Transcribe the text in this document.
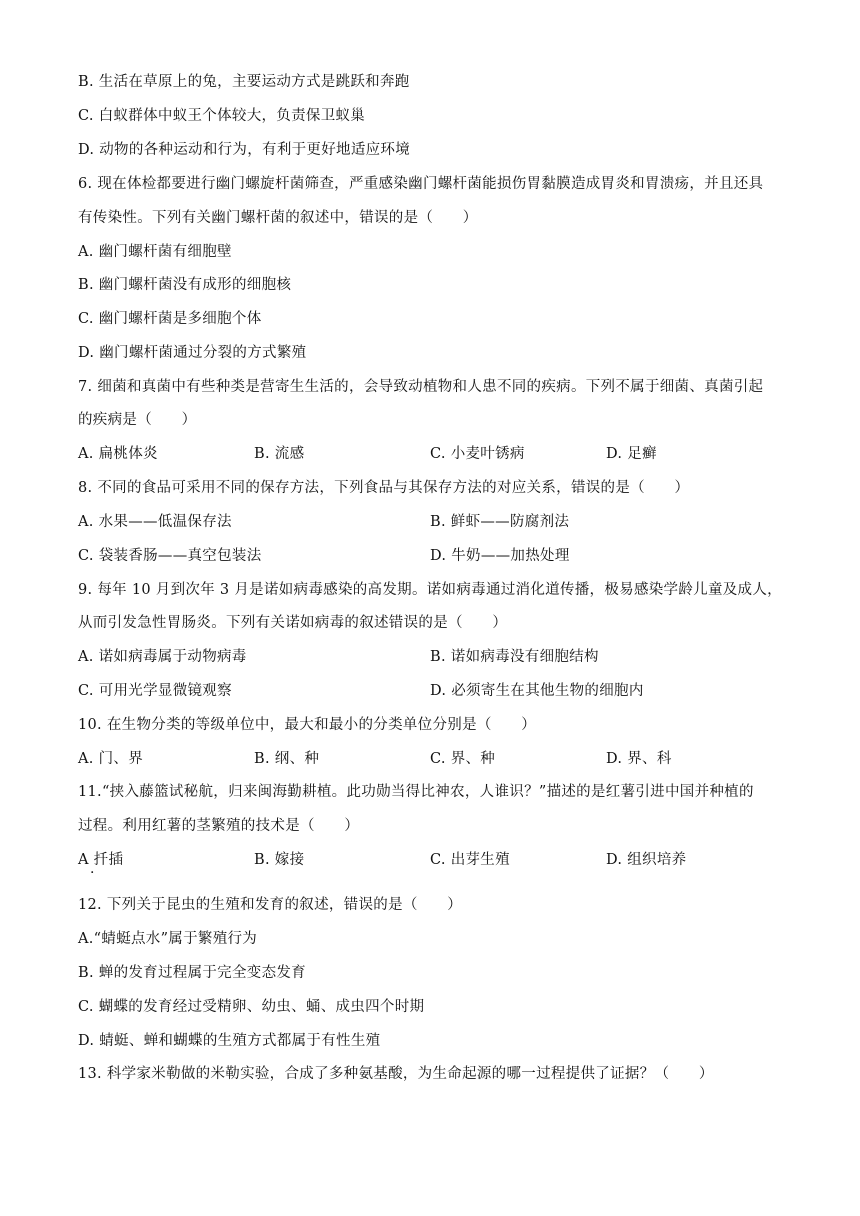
B. 生活在草原上的兔，主要运动方式是跳跃和奔跑
C. 白蚁群体中蚁王个体较大，负责保卫蚁巢
D. 动物的各种运动和行为，有利于更好地适应环境
6. 现在体检都要进行幽门螺旋杆菌筛查，严重感染幽门螺杆菌能损伤胃黏膜造成胃炎和胃溃疡，并且还具
有传染性。下列有关幽门螺杆菌的叙述中，错误的是（　　）
A. 幽门螺杆菌有细胞壁
B. 幽门螺杆菌没有成形的细胞核
C. 幽门螺杆菌是多细胞个体
D. 幽门螺杆菌通过分裂的方式繁殖
7. 细菌和真菌中有些种类是营寄生生活的，会导致动植物和人患不同的疾病。下列不属于细菌、真菌引起
的疾病是（　　）
A. 扁桃体炎	B. 流感	C. 小麦叶锈病	D. 足癣
8. 不同的食品可采用不同的保存方法，下列食品与其保存方法的对应关系，错误的是（　　）
A. 水果——低温保存法	B. 鲜虾——防腐剂法
C. 袋装香肠——真空包装法	D. 牛奶——加热处理
9. 每年 10 月到次年 3 月是诺如病毒感染的高发期。诺如病毒通过消化道传播，极易感染学龄儿童及成人，
从而引发急性胃肠炎。下列有关诺如病毒的叙述错误的是（　　）
A. 诺如病毒属于动物病毒	B. 诺如病毒没有细胞结构
C. 可用光学显微镜观察	D. 必须寄生在其他生物的细胞内
10. 在生物分类的等级单位中，最大和最小的分类单位分别是（　　）
A. 门、界	B. 纲、种	C. 界、种	D. 界、科
11.“挟入藤篮试秘航，归来闽海勤耕植。此功勋当得比神农，人谁识？”描述的是红薯引进中国并种植的
过程。利用红薯的茎繁殖的技术是（　　）
A 扦插
·
B. 嫁接	C. 出芽生殖	D. 组织培养
12. 下列关于昆虫的生殖和发育的叙述，错误的是（　　）
A.“蜻蜓点水”属于繁殖行为
B. 蝉的发育过程属于完全变态发育
C. 蝴蝶的发育经过受精卵、幼虫、蛹、成虫四个时期
D. 蜻蜓、蝉和蝴蝶的生殖方式都属于有性生殖
13. 科学家米勒做的米勒实验，合成了多种氨基酸，为生命起源的哪一过程提供了证据？（　　）
